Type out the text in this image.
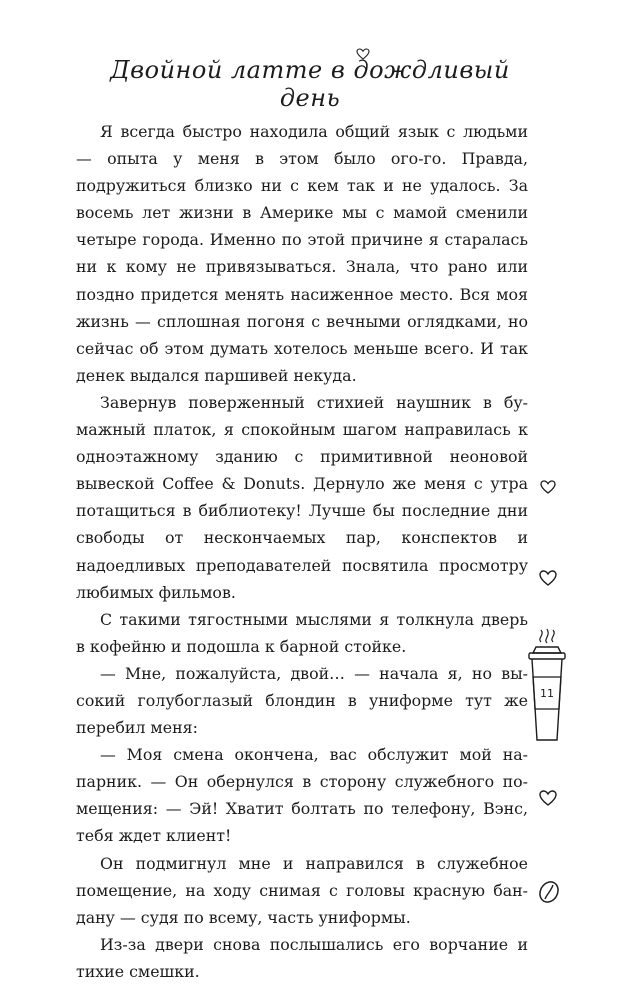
Двойной латте в дождливый день

Я всегда быстро находила общий язык с людьми — опыта у меня в этом было ого-го. Правда, подружиться близко ни с кем так и не удалось. За восемь лет жизни в Америке мы с мамой сменили четыре города. Именно по этой причине я старалась ни к кому не привязываться. Знала, что рано или поздно придется менять насиженное место. Вся моя жизнь — сплошная погоня с вечными оглядками, но сейчас об этом думать хотелось меньше всего. И так денек выдался паршивей некуда.

Завернув поверженный стихией наушник в бумажный платок, я спокойным шагом направилась к одноэтажному зданию с примитивной неоновой вывеской Coffee & Donuts. Дернуло же меня с утра потащиться в библиотеку! Лучше бы последние дни свободы от нескончаемых пар, конспектов и надоедливых преподавателей посвятила просмотру любимых фильмов.

С такими тягостными мыслями я толкнула дверь в кофейню и подошла к барной стойке.

— Мне, пожалуйста, двой… — начала я, но высокий голубоглазый блондин в униформе тут же перебил меня:

— Моя смена окончена, вас обслужит мой напарник. — Он обернулся в сторону служебного помещения: — Эй! Хватит болтать по телефону, Вэнс, тебя ждет клиент!

Он подмигнул мне и направился в служебное помещение, на ходу снимая с головы красную бандану — судя по всему, часть униформы.

Из-за двери снова послышались его ворчание и тихие смешки.

11
